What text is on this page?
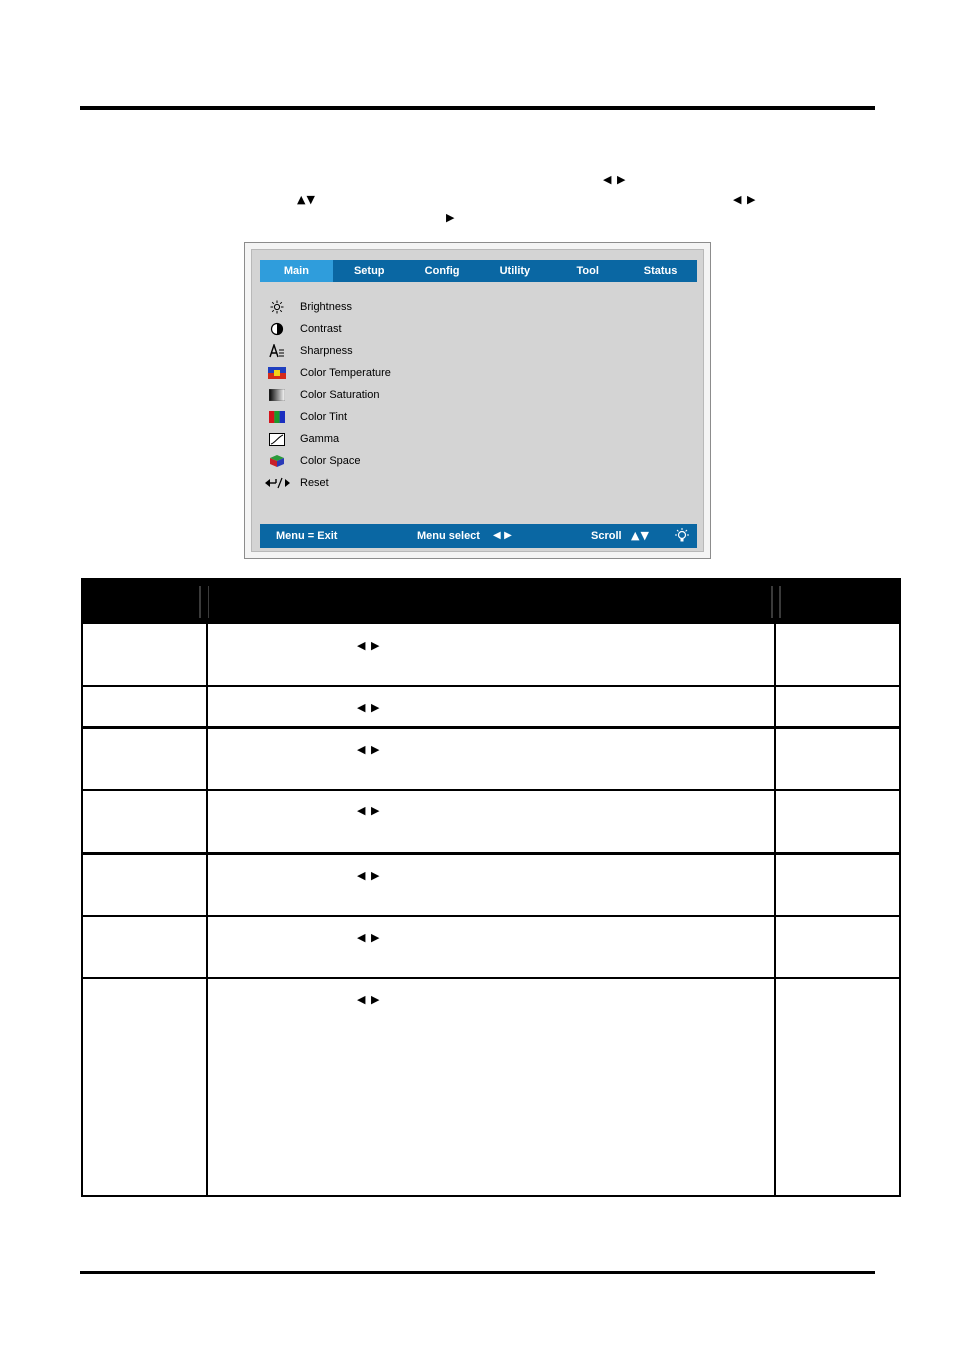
◀ ▶
▲▼	◀ ▶
▶
Main	Setup	Config	Utility	Tool	Status
Brightness
Contrast
Sharpness
Color Temperature
Color Saturation
Color Tint
Gamma
Color Space
Reset
Menu = Exit	Menu select ◀ ▶	Scroll ▲▼
◀ ▶
◀ ▶
◀ ▶
◀ ▶
◀ ▶
◀ ▶
◀ ▶
